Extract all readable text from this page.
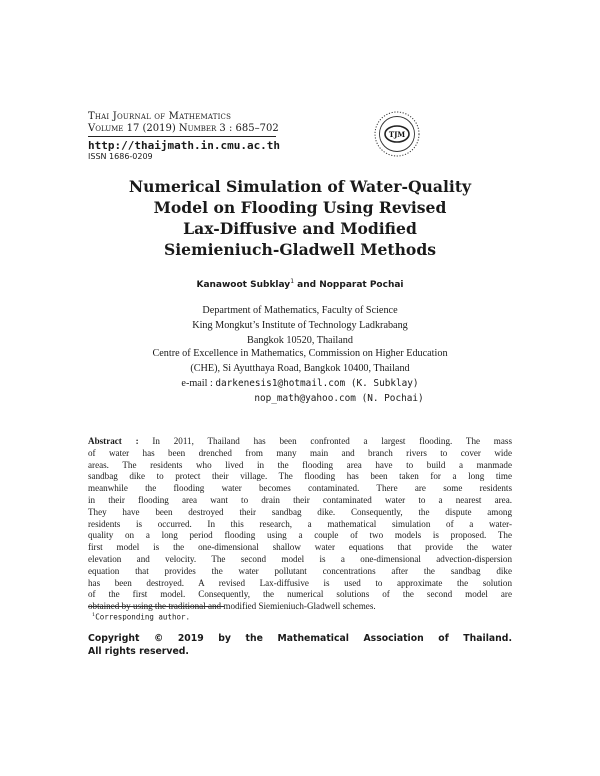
Thai Journal of Mathematics
Volume 17 (2019) Number 3 : 685–702
http://thaijmath.in.cmu.ac.th
ISSN 1686-0209
TJM
Numerical Simulation of Water-Quality
Model on Flooding Using Revised
Lax-Diffusive and Modified
Siemieniuch-Gladwell Methods
Kanawoot Subklay$^1$ and Nopparat Pochai
Department of Mathematics, Faculty of Science
King Mongkut’s Institute of Technology Ladkrabang
Bangkok 10520, Thailand
Centre of Excellence in Mathematics, Commission on Higher Education
(CHE), Si Ayutthaya Road, Bangkok 10400, Thailand
e-mail : darkenesis1@hotmail.com (K. Subklay)
nop_math@yahoo.com (N. Pochai)
Abstract : In 2011, Thailand has been confronted a largest flooding. The mass
of water has been drenched from many main and branch rivers to cover wide
areas. The residents who lived in the flooding area have to build a manmade
sandbag dike to protect their village. The flooding has been taken for a long time
meanwhile the flooding water becomes contaminated. There are some residents
in their flooding area want to drain their contaminated water to a nearest area.
They have been destroyed their sandbag dike. Consequently, the dispute among
residents is occurred. In this research, a mathematical simulation of a water-
quality on a long period flooding using a couple of two models is proposed. The
first model is the one-dimensional shallow water equations that provide the water
elevation and velocity. The second model is a one-dimensional advection-dispersion
equation that provides the water pollutant concentrations after the sandbag dike
has been destroyed. A revised Lax-diffusive is used to approximate the solution
of the first model. Consequently, the numerical solutions of the second model are
obtained by using the traditional and modified Siemieniuch-Gladwell schemes.
$^1$Corresponding author.
Copyright © 2019 by the Mathematical Association of Thailand.
All rights reserved.
